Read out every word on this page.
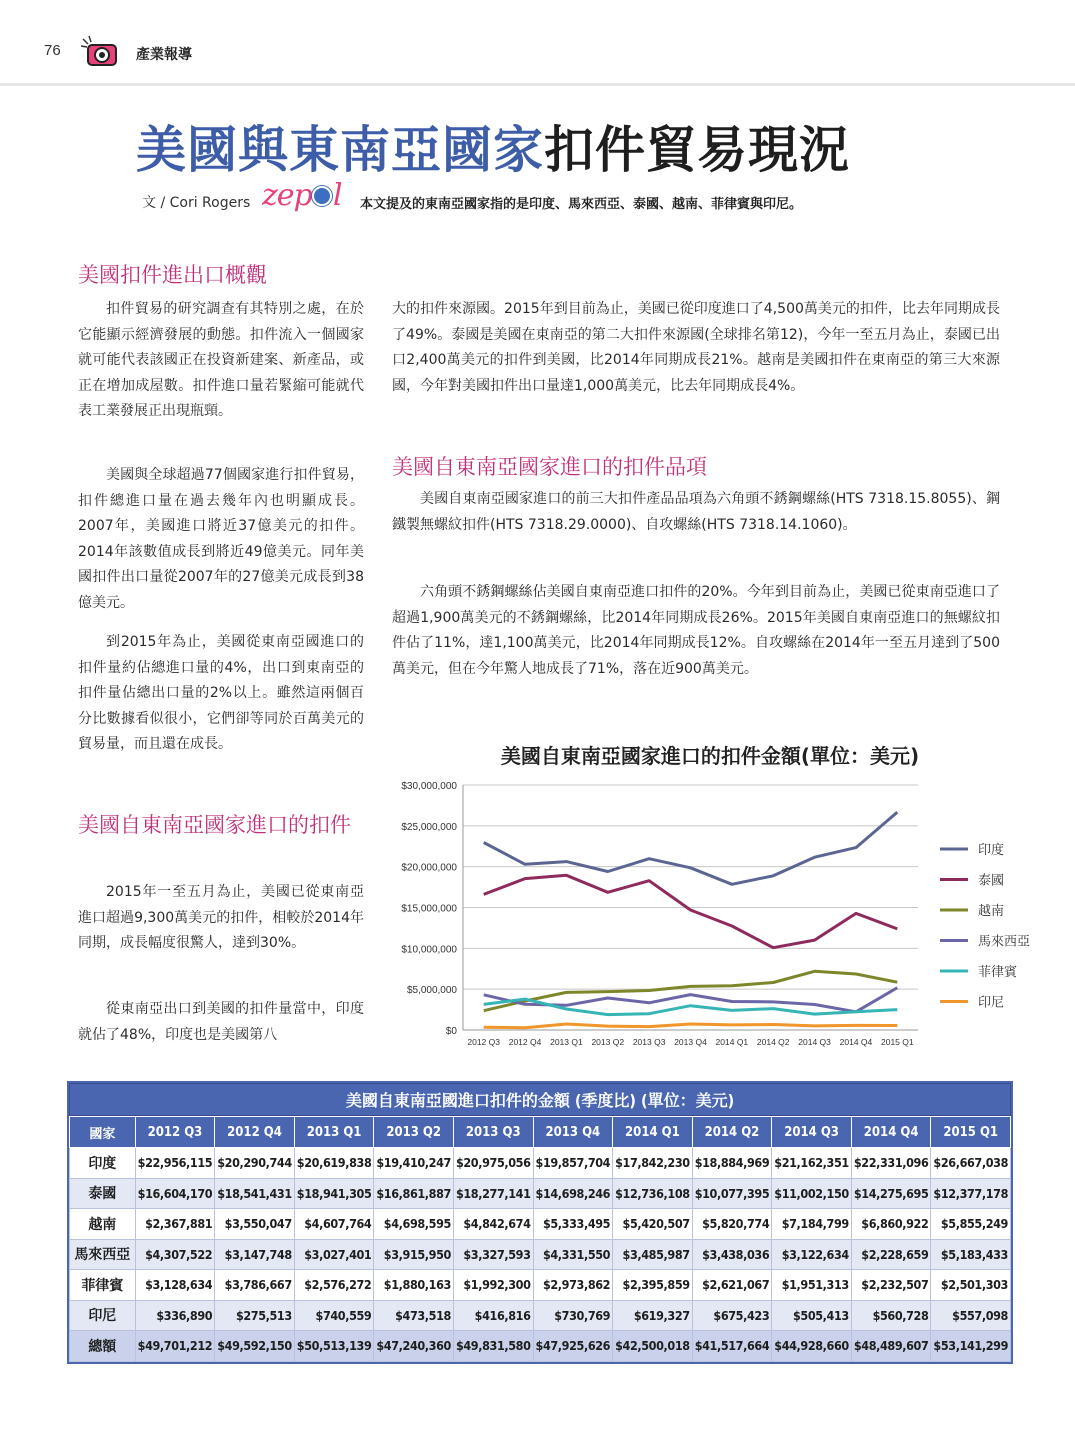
76	產業報導
美國與東南亞國家扣件貿易現況
文 / Cori Rogers zep l 本文提及的東南亞國家指的是印度、馬來西亞、泰國、越南、菲律賓與印尼。
美國扣件進出口概觀

扣件貿易的研究調查有其特別之處，在於它能顯示經濟發展的動態。扣件流入一個國家就可能代表該國正在投資新建案、新產品，或正在增加成屋數。扣件進口量若緊縮可能就代表工業發展正出現瓶頸。

美國與全球超過77個國家進行扣件貿易，扣件總進口量在過去幾年內也明顯成長。2007年，美國進口將近37億美元的扣件。2014年該數值成長到將近49億美元。同年美國扣件出口量從2007年的27億美元成長到38億美元。

到2015年為止，美國從東南亞國進口的扣件量約佔總進口量的4%，出口到東南亞的扣件量佔總出口量的2%以上。雖然這兩個百分比數據看似很小，它們卻等同於百萬美元的貿易量，而且還在成長。

美國自東南亞國家進口的扣件

2015年一至五月為止，美國已從東南亞進口超過9,300萬美元的扣件，相較於2014年同期，成長幅度很驚人，達到30%。

從東南亞出口到美國的扣件量當中，印度就佔了48%，印度也是美國第八

大的扣件來源國。2015年到目前為止，美國已從印度進口了4,500萬美元的扣件，比去年同期成長了49%。泰國是美國在東南亞的第二大扣件來源國(全球排名第12)，今年一至五月為止，泰國已出口2,400萬美元的扣件到美國，比2014年同期成長21%。越南是美國扣件在東南亞的第三大來源國，今年對美國扣件出口量達1,000萬美元，比去年同期成長4%。

美國自東南亞國家進口的扣件品項

美國自東南亞國家進口的前三大扣件產品品項為六角頭不銹鋼螺絲(HTS 7318.15.8055)、鋼鐵製無螺紋扣件(HTS 7318.29.0000)、自攻螺絲(HTS 7318.14.1060)。

六角頭不銹鋼螺絲佔美國自東南亞進口扣件的20%。今年到目前為止，美國已從東南亞進口了超過1,900萬美元的不銹鋼螺絲，比2014年同期成長26%。2015年美國自東南亞進口的無螺紋扣件佔了11%，達1,100萬美元，比2014年同期成長12%。自攻螺絲在2014年一至五月達到了500萬美元，但在今年驚人地成長了71%，落在近900萬美元。

美國自東南亞國家進口的扣件金額(單位：美元)
$0
$5,000,000
$10,000,000
$15,000,000
$20,000,000
$25,000,000
$30,000,000
2012 Q3 2012 Q4 2013 Q1 2013 Q2 2013 Q3 2013 Q4 2014 Q1 2014 Q2 2014 Q3 2014 Q4 2015 Q1
印度
泰國
越南
馬來西亞
菲律賓
印尼
美國自東南亞國進口扣件的金額 (季度比) (單位：美元)
國家	2012 Q3	2012 Q4	2013 Q1	2013 Q2	2013 Q3	2013 Q4	2014 Q1	2014 Q2	2014 Q3	2014 Q4	2015 Q1
印度	$22,956,115	$20,290,744	$20,619,838	$19,410,247	$20,975,056	$19,857,704	$17,842,230	$18,884,969	$21,162,351	$22,331,096	$26,667,038
泰國	$16,604,170	$18,541,431	$18,941,305	$16,861,887	$18,277,141	$14,698,246	$12,736,108	$10,077,395	$11,002,150	$14,275,695	$12,377,178
越南	$2,367,881	$3,550,047	$4,607,764	$4,698,595	$4,842,674	$5,333,495	$5,420,507	$5,820,774	$7,184,799	$6,860,922	$5,855,249
馬來西亞	$4,307,522	$3,147,748	$3,027,401	$3,915,950	$3,327,593	$4,331,550	$3,485,987	$3,438,036	$3,122,634	$2,228,659	$5,183,433
菲律賓	$3,128,634	$3,786,667	$2,576,272	$1,880,163	$1,992,300	$2,973,862	$2,395,859	$2,621,067	$1,951,313	$2,232,507	$2,501,303
印尼	$336,890	$275,513	$740,559	$473,518	$416,816	$730,769	$619,327	$675,423	$505,413	$560,728	$557,098
總額	$49,701,212	$49,592,150	$50,513,139	$47,240,360	$49,831,580	$47,925,626	$42,500,018	$41,517,664	$44,928,660	$48,489,607	$53,141,299
